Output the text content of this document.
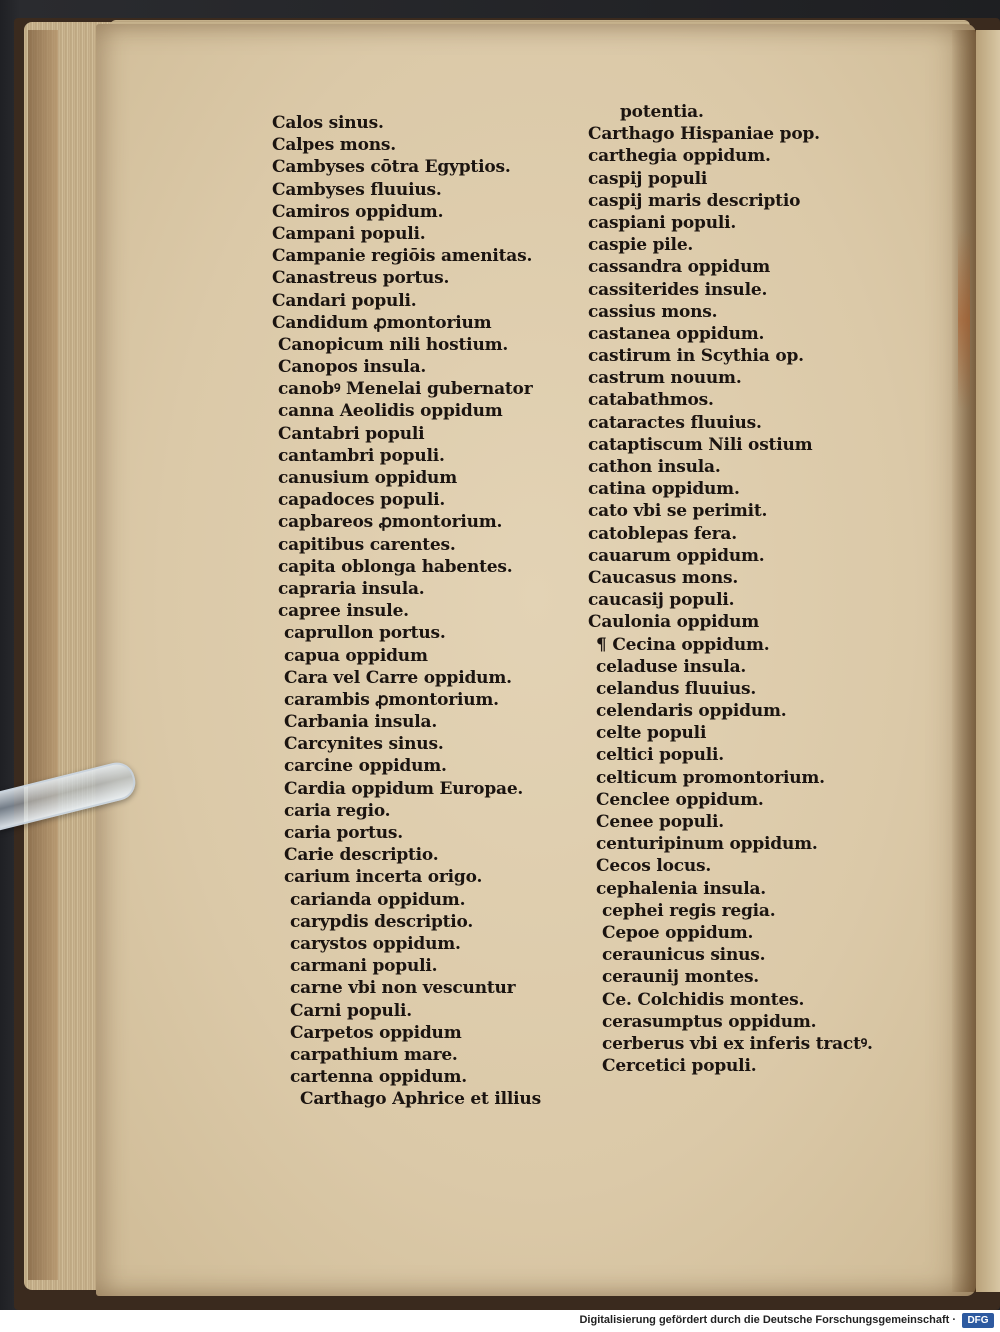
Calos sinus.
Calpes mons.
Cambyses cōtra Egyptios.
Cambyses fluuius.
Camiros oppidum.
Campani populi.
Campanie regiōis amenitas.
Canastreus portus.
Candari populi.
Candidum ꝓmontorium
Canopicum nili hostium.
Canopos insula.
canobꝰ Menelai gubernator
canna Aeolidis oppidum
Cantabri populi
cantambri populi.
canusium oppidum
capadoces populi.
capbareos ꝓmontorium.
capitibus carentes.
capita oblonga habentes.
capraria insula.
capree insule.
caprullon portus.
capua oppidum
Cara vel Carre oppidum.
carambis ꝓmontorium.
Carbania insula.
Carcynites sinus.
carcine oppidum.
Cardia oppidum Europae.
caria regio.
caria portus.
Carie descriptio.
carium incerta origo.
carianda oppidum.
carypdis descriptio.
carystos oppidum.
carmani populi.
carne vbi non vescuntur
Carni populi.
Carpetos oppidum
carpathium mare.
cartenna oppidum.
Carthago Aphrice et illius
potentia.
Carthago Hispaniae pop.
carthegia oppidum.
caspij populi
caspij maris descriptio
caspiani populi.
caspie pile.
cassandra oppidum
cassiterides insule.
cassius mons.
castanea oppidum.
castirum in Scythia op.
castrum nouum.
catabathmos.
cataractes fluuius.
cataptiscum Nili ostium
cathon insula.
catina oppidum.
cato vbi se perimit.
catoblepas fera.
cauarum oppidum.
Caucasus mons.
caucasij populi.
Caulonia oppidum
¶ Cecina oppidum.
celaduse insula.
celandus fluuius.
celendaris oppidum.
celte populi
celtici populi.
celticum promontorium.
Cenclee oppidum.
Cenee populi.
centuripinum oppidum.
Cecos locus.
cephalenia insula.
cephei regis regia.
Cepoe oppidum.
ceraunicus sinus.
ceraunij montes.
Ce. Colchidis montes.
cerasumptus oppidum.
cerberus vbi ex inferis tractꝰ.
Cercetici populi.
Digitalisierung gefördert durch die Deutsche Forschungsgemeinschaft ·	DFG
